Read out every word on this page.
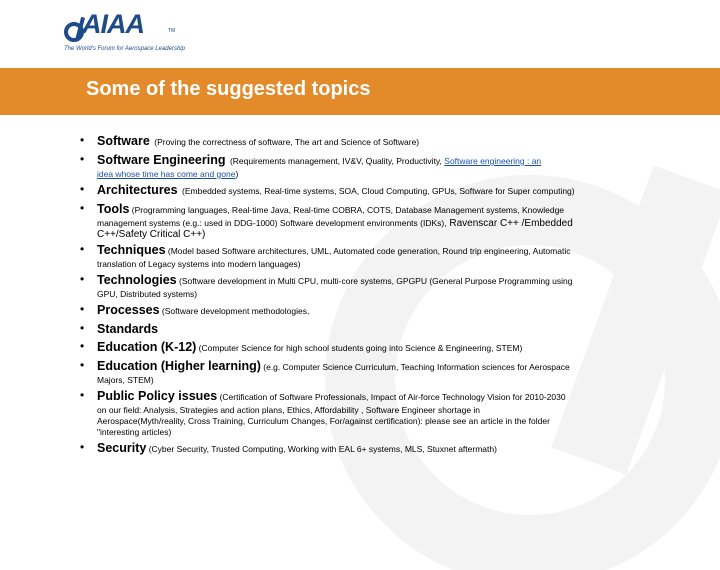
AIAA	TM
The World's Forum for Aerospace Leadership
Some of the suggested topics
• Software (Proving the correctness of software, The art and Science of Software)
• Software Engineering (Requirements management, IV&V, Quality, Productivity, Software engineering : an
idea whose time has come and gone)
• Architectures (Embedded systems, Real-time systems, SOA, Cloud Computing, GPUs, Software for Super computing)
• Tools (Programming languages, Real-time Java, Real-time COBRA, COTS, Database Management systems, Knowledge
management systems (e.g.: used in DDG-1000) Software development environments (IDKs), Ravenscar C++ /Embedded
C++/Safety Critical C++)
• Techniques (Model based Software architectures, UML, Automated code generation, Round trip engineering, Automatic
translation of Legacy systems into modern languages)
• Technologies (Software development in Multi CPU, multi-core systems, GPGPU (General Purpose Programming using
GPU, Distributed systems)
• Processes (Software development methodologies,
• Standards
• Education (K-12) (Computer Science for high school students going into Science & Engineering, STEM)
• Education (Higher learning) (e.g. Computer Science Curriculum, Teaching Information sciences for Aerospace
Majors, STEM)
• Public Policy issues (Certification of Software Professionals, Impact of Air-force Technology Vision for 2010-2030
on our field: Analysis, Strategies and action plans, Ethics, Affordability , Software Engineer shortage in
Aerospace(Myth/reality, Cross Training, Curriculum Changes, For/against certification): please see an article in the folder
"interesting articles)
• Security (Cyber Security, Trusted Computing, Working with EAL 6+ systems, MLS, Stuxnet aftermath)
